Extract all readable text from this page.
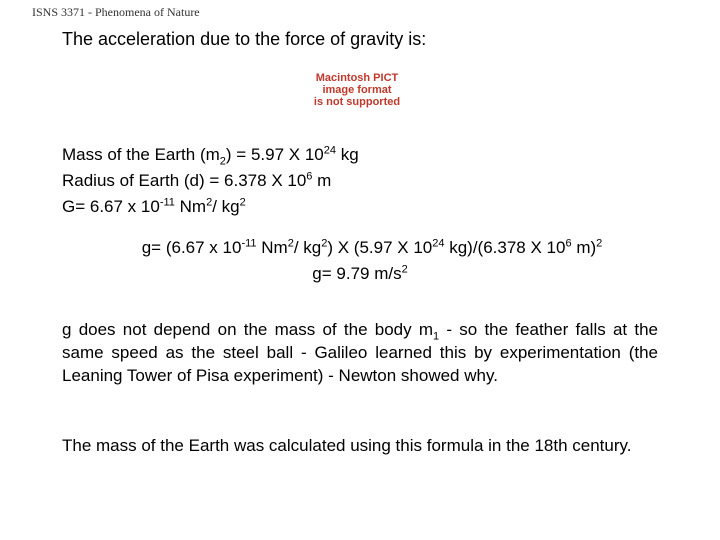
ISNS 3371 - Phenomena of Nature
The acceleration due to the force of gravity is:
Macintosh PICT
image format
is not supported
Mass of the Earth $(m_2) = 5.97$ X $10^{24}$ kg
Radius of Earth (d) = 6.378 X $10^6$ m
G= 6.67 x $10^{-11}$ Nm$^2$/ $kg^2$
g= (6.67 x $10^{-11}$ Nm$^2$/ $kg^2$) X (5.97 X $10^{24}$ kg)/(6.378 X $10^6$ m)$^2$
g= 9.79 $m/s^2$
g does not depend on the mass of the body $m_1$ - so the feather falls at the same speed as the steel ball - Galileo learned this by experimentation (the Leaning Tower of Pisa experiment) - Newton showed why.
The mass of the Earth was calculated using this formula in the 18th century.
